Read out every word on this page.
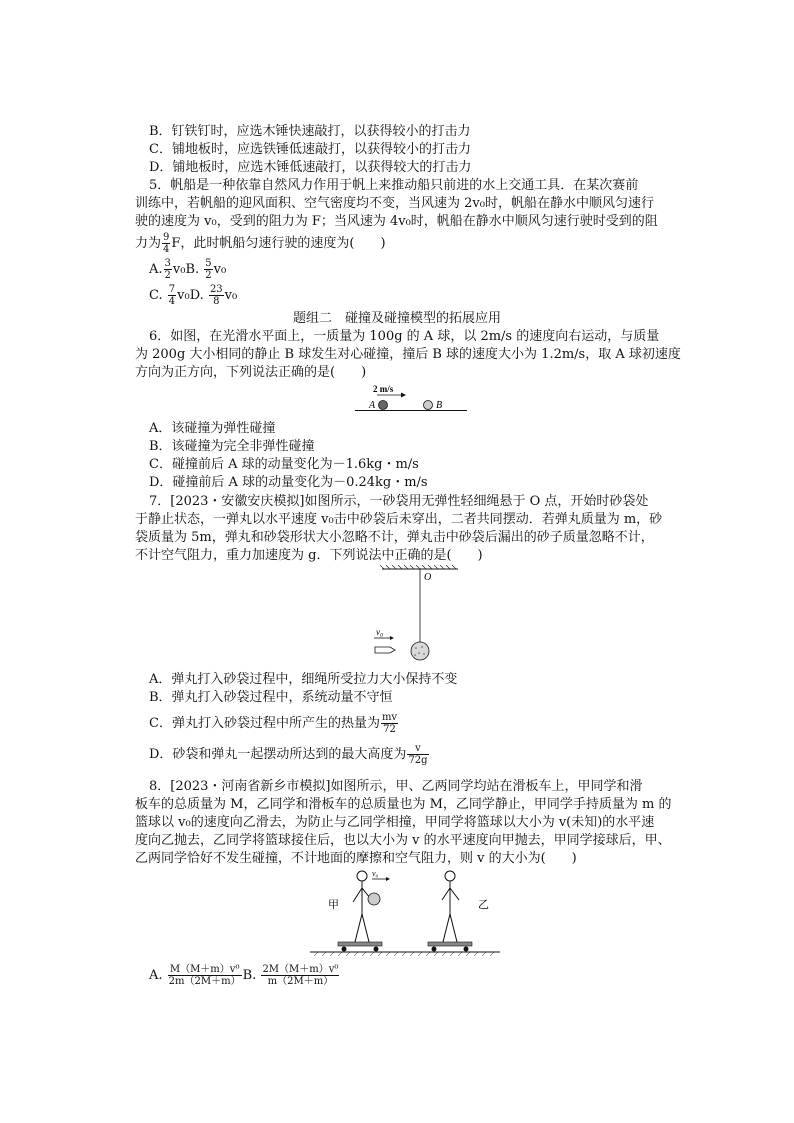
B．钉铁钉时，应选木锤快速敲打，以获得较小的打击力
C．铺地板时，应选铁锤低速敲打，以获得较小的打击力
D．铺地板时，应选木锤低速敲打，以获得较大的打击力
5．帆船是一种依靠自然风力作用于帆上来推动船只前进的水上交通工具．在某次赛前
训练中，若帆船的迎风面积、空气密度均不变，当风速为 2v₀时，帆船在静水中顺风匀速行
驶的速度为 v₀，受到的阻力为 F；当风速为 4v₀时，帆船在静水中顺风匀速行驶时受到的阻
力为 $\frac{9}{4}$ F，此时帆船匀速行驶的速度为(　　)
A. $\frac{3}{2} v_0B$. $\frac{5}{2} v_0$
C. $\frac{7}{4} v_0D$. $\frac{23}{8} v_0$
题组二　碰撞及碰撞模型的拓展应用
6．如图，在光滑水平面上，一质量为 100g 的 A 球，以 2m/s 的速度向右运动，与质量
为 200g 大小相同的静止 B 球发生对心碰撞，撞后 B 球的速度大小为 1.2m/s，取 A 球初速度
方向为正方向，下列说法正确的是(　　)
2 m/s
A	B
A．该碰撞为弹性碰撞
B．该碰撞为完全非弹性碰撞
C．碰撞前后 A 球的动量变化为－1.6kg・m/s
D．碰撞前后 A 球的动量变化为－0.24kg・m/s
7．[2023・安徽安庆模拟]如图所示，一砂袋用无弹性轻细绳悬于 O 点，开始时砂袋处
于静止状态，一弹丸以水平速度 v₀击中砂袋后未穿出，二者共同摆动．若弹丸质量为 m，砂
袋质量为 5m，弹丸和砂袋形状大小忽略不计，弹丸击中砂袋后漏出的砂子质量忽略不计，
不计空气阻力，重力加速度为 g．下列说法中正确的是(　　)
O
v₀
A．弹丸打入砂袋过程中，细绳所受拉力大小保持不变
B．弹丸打入砂袋过程中，系统动量不守恒
C．弹丸打入砂袋过程中所产生的热量为 $\frac{mv}{72}$
D．砂袋和弹丸一起摆动所达到的最大高度为 $\frac{v}{72g}$
8．[2023・河南省新乡市模拟]如图所示，甲、乙两同学均站在滑板车上，甲同学和滑
板车的总质量为 M，乙同学和滑板车的总质量也为 M，乙同学静止，甲同学手持质量为 m 的
篮球以 v₀的速度向乙滑去，为防止与乙同学相撞，甲同学将篮球以大小为 v(未知)的水平速
度向乙抛去，乙同学将篮球接住后，也以大小为 v 的水平速度向甲抛去，甲同学接球后，甲、
乙两同学恰好不发生碰撞，不计地面的摩擦和空气阻力，则 v 的大小为(　　)
甲
v₀
乙
A. $\frac{\text{M（M＋m）v⁰}}{2m(2M+m)} B$. $\frac{\text{2M（M＋m）v⁰}}{m(2M+m)}$
